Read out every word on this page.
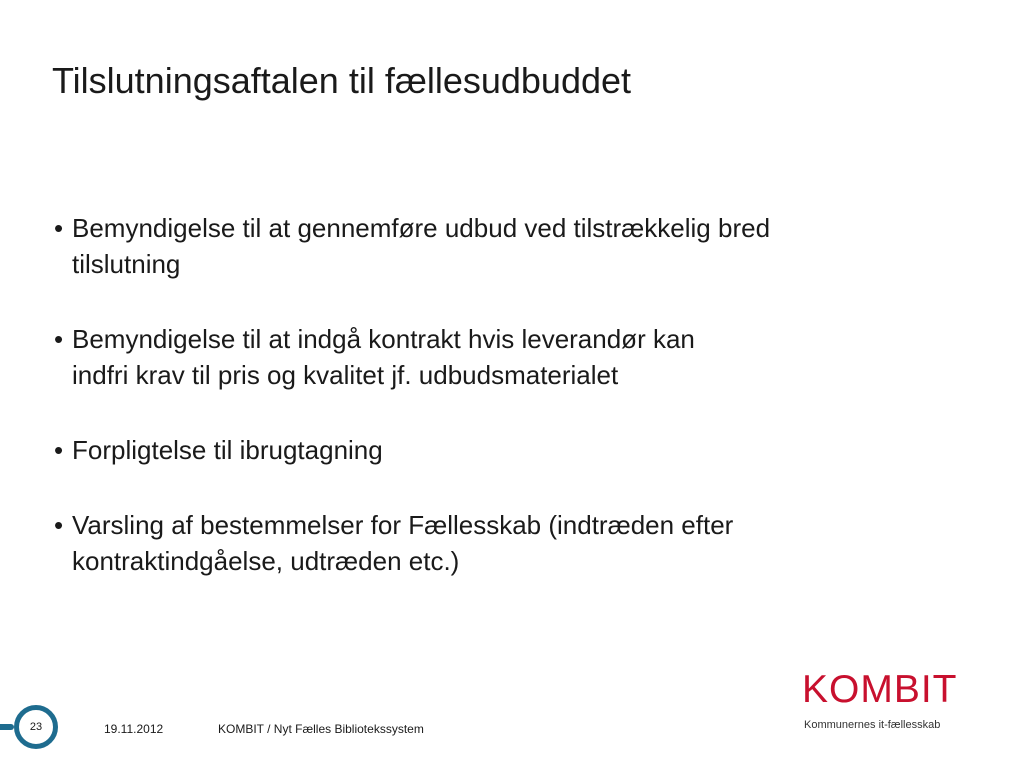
Tilslutningsaftalen til fællesudbuddet
• Bemyndigelse til at gennemføre udbud ved tilstrækkelig bred
tilslutning
• Bemyndigelse til at indgå kontrakt hvis leverandør kan
indfri krav til pris og kvalitet jf. udbudsmaterialet
• Forpligtelse til ibrugtagning
• Varsling af bestemmelser for Fællesskab (indtræden efter
kontraktindgåelse, udtræden etc.)
23	19.11.2012	KOMBIT / Nyt Fælles Bibliotekssystem
KOMBIT
Kommunernes it-fællesskab
